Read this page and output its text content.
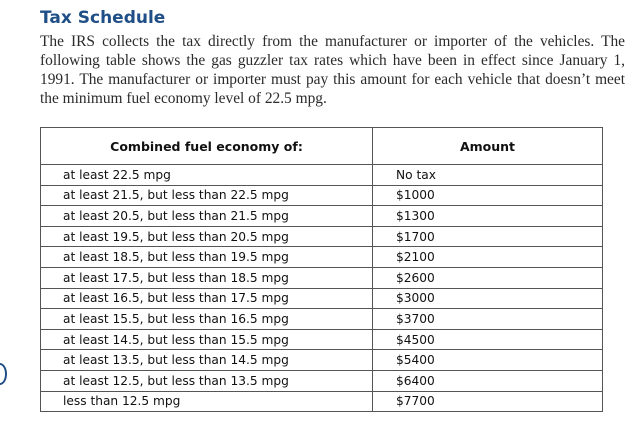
Tax Schedule

The IRS collects the tax directly from the manufacturer or importer of the vehicles. The following table shows the gas guzzler tax rates which have been in effect since January 1, 1991. The manufacturer or importer must pay this amount for each vehicle that doesn’t meet the minimum fuel economy level of 22.5 mpg.

Combined fuel economy of:	Amount
at least 22.5 mpg	No tax
at least 21.5, but less than 22.5 mpg	$1000
at least 20.5, but less than 21.5 mpg	$1300
at least 19.5, but less than 20.5 mpg	$1700
at least 18.5, but less than 19.5 mpg	$2100
at least 17.5, but less than 18.5 mpg	$2600
at least 16.5, but less than 17.5 mpg	$3000
at least 15.5, but less than 16.5 mpg	$3700
at least 14.5, but less than 15.5 mpg	$4500
at least 13.5, but less than 14.5 mpg	$5400
at least 12.5, but less than 13.5 mpg	$6400
less than 12.5 mpg	$7700
